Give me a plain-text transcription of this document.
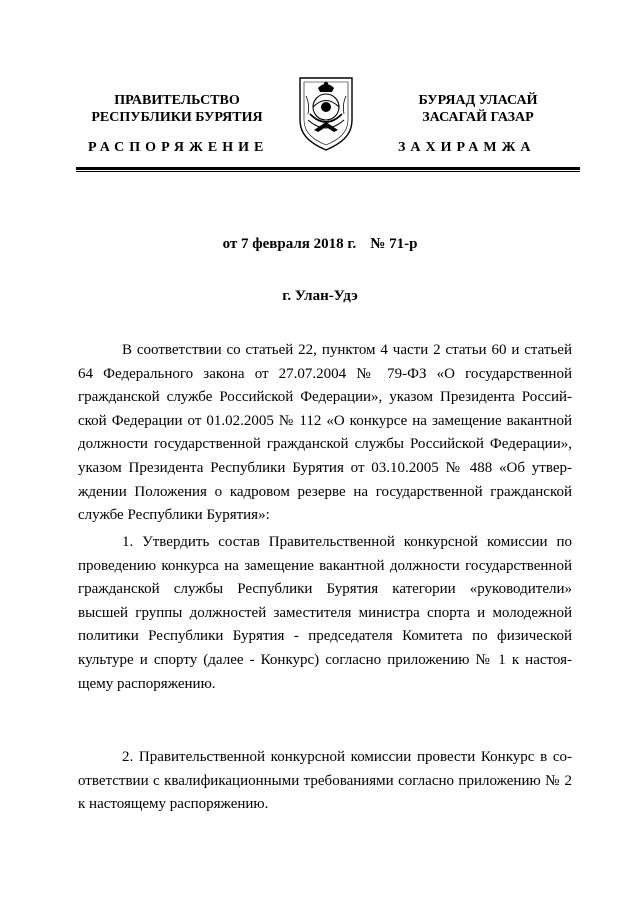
ПРАВИТЕЛЬСТВО
РЕСПУБЛИКИ БУРЯТИЯ
БУРЯАД УЛАСАЙ
ЗАСАГАЙ ГАЗАР
РАСПОРЯЖЕНИЕ	ЗАХИРАМЖА
от 7 февраля 2018 г. № 71-р
г. Улан-Удэ
В соответствии со статьей 22, пунктом 4 части 2 статьи 60 и статьей 64 Федерального закона от 27.07.2004 № 79-ФЗ «О государственной гражданской службе Российской Федерации», указом Президента Российской Федерации от 01.02.2005 № 112 «О конкурсе на замещение вакантной должности государственной гражданской службы Российской Федерации», указом Президента Республики Бурятия от 03.10.2005 № 488 «Об утверждении Положения о кадровом резерве на государственной гражданской службе Республики Бурятия»:
1. Утвердить состав Правительственной конкурсной комиссии по проведению конкурса на замещение вакантной должности государственной гражданской службы Республики Бурятия категории «руководители» высшей группы должностей заместителя министра спорта и молодежной политики Республики Бурятия - председателя Комитета по физической культуре и спорту (далее - Конкурс) согласно приложению № 1 к настоящему распоряжению.
2. Правительственной конкурсной комиссии провести Конкурс в соответствии с квалификационными требованиями согласно приложению № 2 к настоящему распоряжению.
